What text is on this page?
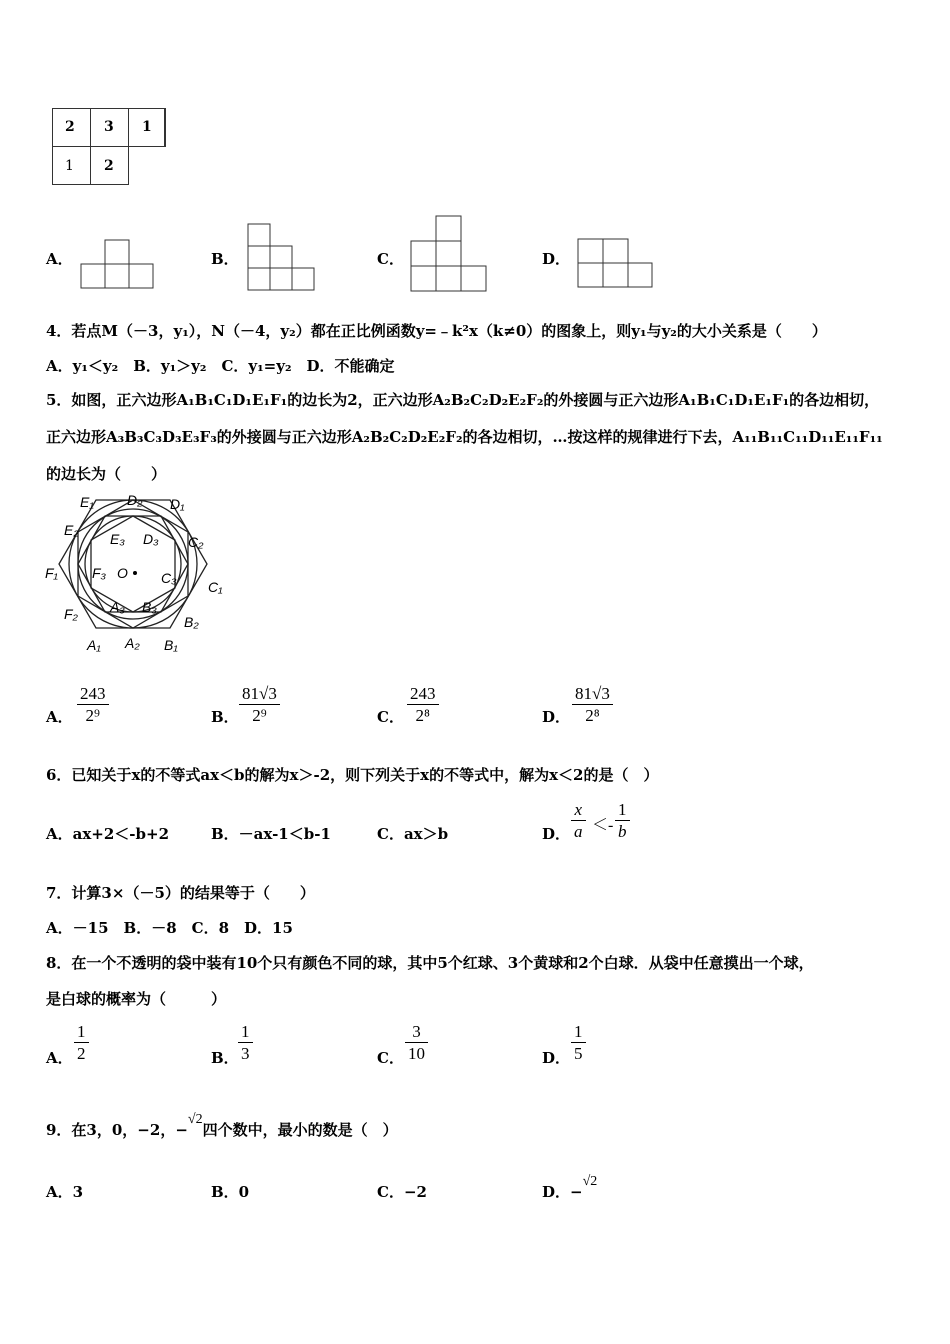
2 3 1
1 2
A．	B．	C．	D．
4．若点M（－3，y₁），N（－4，y₂）都在正比例函数y=﹣k²x（k≠0）的图象上，则y₁与y₂的大小关系是（　　）
A．y₁＜y₂　B．y₁＞y₂　C．y₁=y₂　D．不能确定
5．如图，正六边形A₁B₁C₁D₁E₁F₁的边长为2，正六边形A₂B₂C₂D₂E₂F₂的外接圆与正六边形A₁B₁C₁D₁E₁F₁的各边相切，
正六边形A₃B₃C₃D₃E₃F₃的外接圆与正六边形A₂B₂C₂D₂E₂F₂的各边相切，…按这样的规律进行下去，A₁₁B₁₁C₁₁D₁₁E₁₁F₁₁
的边长为（　　）
E₁ D₂ D₁
E₂
E₃ D₃ C₂
F₁ F₃ O C₃
C₁
F₂ A₃ B₃
B₂
A₁ A₂ B₁
A． $\frac{243}{\text{2⁹}}$	B． $\frac{81√3}{\text{2⁹}}$	C． $\frac{243}{\text{2⁸}}$	D． $\frac{81√3}{\text{2⁸}}$
6．已知关于x的不等式ax＜b的解为x＞-2，则下列关于x的不等式中，解为x＜2的是（　）
A．ax+2＜-b+2	B．－ax-1＜b-1	C．ax＞b	D． $\frac{x}{a} <- \frac{1}{b}$
7．计算3×（－5）的结果等于（　　）
A．－15　B．－8　C．8　D．15
8．在一个不透明的袋中装有10个只有颜色不同的球，其中5个红球、3个黄球和2个白球．从袋中任意摸出一个球，
是白球的概率为（　　　）
A． $\frac{1}{2}$	B． $\frac{1}{3}$	C． $\frac{3}{10}$	D． $\frac{1}{5}$
9．在3，0，−2，−√2四个数中，最小的数是（　）
A．3	B．0	C．−2	D．−√2
